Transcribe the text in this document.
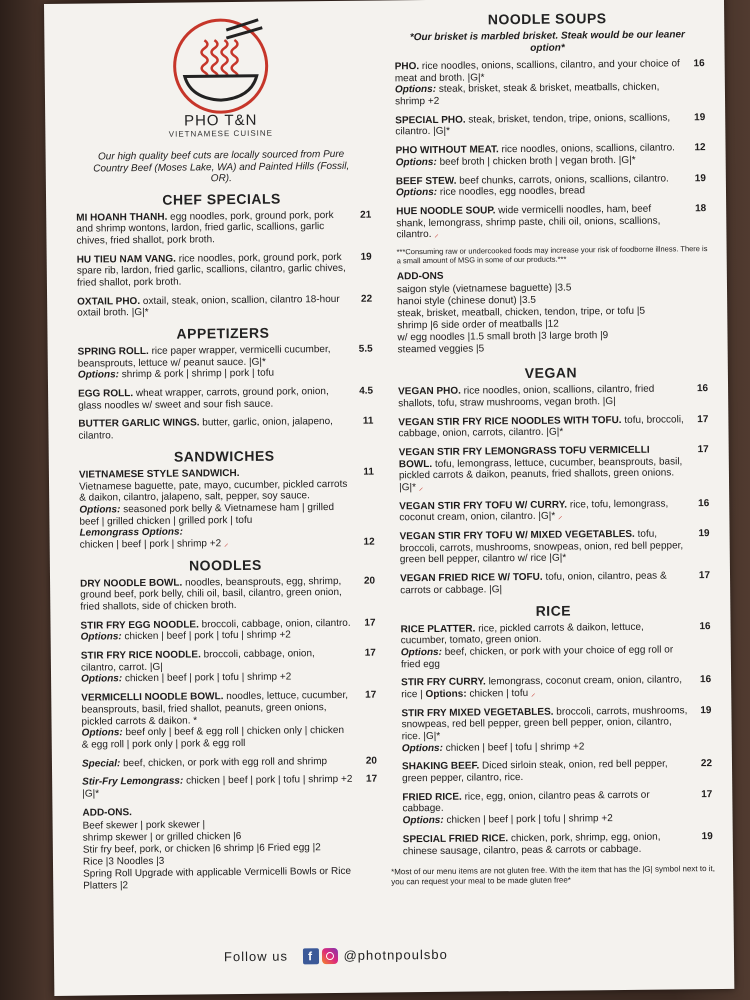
PHO T&N
VIETNAMESE CUISINE
Our high quality beef cuts are locally sourced from Pure Country Beef (Moses Lake, WA) and Painted Hills (Fossil, OR).
CHEF SPECIALS
MI HOANH THANH. egg noodles, pork, ground pork, pork and shrimp wontons, lardon, fried garlic, scallions, garlic chives, fried shallot, pork broth.
21
HU TIEU NAM VANG. rice noodles, pork, ground pork, pork spare rib, lardon, fried garlic, scallions, cilantro, garlic chives, fried shallot, pork broth.
19
OXTAIL PHO. oxtail, steak, onion, scallion, cilantro 18-hour oxtail broth. |G|*
22
APPETIZERS
SPRING ROLL. rice paper wrapper, vermicelli cucumber, beansprouts, lettuce w/ peanut sauce. |G|*
Options: shrimp & pork | shrimp | pork | tofu
5.5
EGG ROLL. wheat wrapper, carrots, ground pork, onion, glass noodles w/ sweet and sour fish sauce.
4.5
BUTTER GARLIC WINGS. butter, garlic, onion, jalapeno, cilantro.
11
SANDWICHES
VIETNAMESE STYLE SANDWICH.
Vietnamese baguette, pate, mayo, cucumber, pickled carrots & daikon, cilantro, jalapeno, salt, pepper, soy sauce.
Options: seasoned pork belly & Vietnamese ham | grilled beef | grilled chicken | grilled pork | tofu
Lemongrass Options:
chicken | beef | pork | shrimp +2 ⸝
11
12
NOODLES
DRY NOODLE BOWL. noodles, beansprouts, egg, shrimp, ground beef, pork belly, chili oil, basil, cilantro, green onion, fried shallots, side of chicken broth.
20
STIR FRY EGG NOODLE. broccoli, cabbage, onion, cilantro.
Options: chicken | beef | pork | tofu | shrimp +2
17
STIR FRY RICE NOODLE. broccoli, cabbage, onion, cilantro, carrot. |G|
Options: chicken | beef | pork | tofu | shrimp +2
17
VERMICELLI NOODLE BOWL. noodles, lettuce, cucumber, beansprouts, basil, fried shallot, peanuts, green onions, pickled carrots & daikon. *
Options: beef only | beef & egg roll | chicken only | chicken & egg roll | pork only | pork & egg roll
17
Special: beef, chicken, or pork with egg roll and shrimp	20
Stir-Fry Lemongrass: chicken | beef | pork | tofu | shrimp +2 |G|*
17
ADD-ONS.
Beef skewer | pork skewer |
shrimp skewer | or grilled chicken |6
Stir fry beef, pork, or chicken |6 shrimp |6 Fried egg |2
Rice |3 Noodles |3
Spring Roll Upgrade with applicable Vermicelli Bowls or Rice Platters |2
NOODLE SOUPS
*Our brisket is marbled brisket. Steak would be our leaner option*
PHO. rice noodles, onions, scallions, cilantro, and your choice of meat and broth. |G|*
Options: steak, brisket, steak & brisket, meatballs, chicken, shrimp +2
16
SPECIAL PHO. steak, brisket, tendon, tripe, onions, scallions, cilantro. |G|*
19
PHO WITHOUT MEAT. rice noodles, onions, scallions, cilantro.
Options: beef broth | chicken broth | vegan broth. |G|*
12
BEEF STEW. beef chunks, carrots, onions, scallions, cilantro.
Options: rice noodles, egg noodles, bread
19
HUE NOODLE SOUP. wide vermicelli noodles, ham, beef shank, lemongrass, shrimp paste, chili oil, onions, scallions, cilantro. ⸝
18
***Consuming raw or undercooked foods may increase your risk of foodborne illness. There is a small amount of MSG in some of our products.***
ADD-ONS
saigon style (vietnamese baguette) |3.5
hanoi style (chinese donut) |3.5
steak, brisket, meatball, chicken, tendon, tripe, or tofu |5
shrimp |6 side order of meatballs |12
w/ egg noodles |1.5 small broth |3 large broth |9
steamed veggies |5
VEGAN
VEGAN PHO. rice noodles, onion, scallions, cilantro, fried shallots, tofu, straw mushrooms, vegan broth. |G|
16
VEGAN STIR FRY RICE NOODLES WITH TOFU. tofu, broccoli, cabbage, onion, carrots, cilantro. |G|*
17
VEGAN STIR FRY LEMONGRASS TOFU VERMICELLI BOWL. tofu, lemongrass, lettuce, cucumber, beansprouts, basil, pickled carrots & daikon, peanuts, fried shallots, green onions. |G|* ⸝
17
VEGAN STIR FRY TOFU W/ CURRY. rice, tofu, lemongrass, coconut cream, onion, cilantro. |G|* ⸝
16
VEGAN STIR FRY TOFU W/ MIXED VEGETABLES. tofu, broccoli, carrots, mushrooms, snowpeas, onion, red bell pepper, green bell pepper, cilantro w/ rice |G|*
19
VEGAN FRIED RICE W/ TOFU. tofu, onion, cilantro, peas & carrots or cabbage. |G|
17
RICE
RICE PLATTER. rice, pickled carrots & daikon, lettuce, cucumber, tomato, green onion.
Options: beef, chicken, or pork with your choice of egg roll or fried egg
16
STIR FRY CURRY. lemongrass, coconut cream, onion, cilantro, rice | Options: chicken | tofu ⸝
16
STIR FRY MIXED VEGETABLES. broccoli, carrots, mushrooms, snowpeas, red bell pepper, green bell pepper, onion, cilantro, rice. |G|*
Options: chicken | beef | tofu | shrimp +2
19
SHAKING BEEF. Diced sirloin steak, onion, red bell pepper, green pepper, cilantro, rice.
22
FRIED RICE. rice, egg, onion, cilantro peas & carrots or cabbage.
Options: chicken | beef | pork | tofu | shrimp +2
17
SPECIAL FRIED RICE. chicken, pork, shrimp, egg, onion, chinese sausage, cilantro, peas & carrots or cabbage.
19
*Most of our menu items are not gluten free. With the item that has the |G| symbol next to it, you can request your meal to be made gluten free*
Follow us f @photnpoulsbo
